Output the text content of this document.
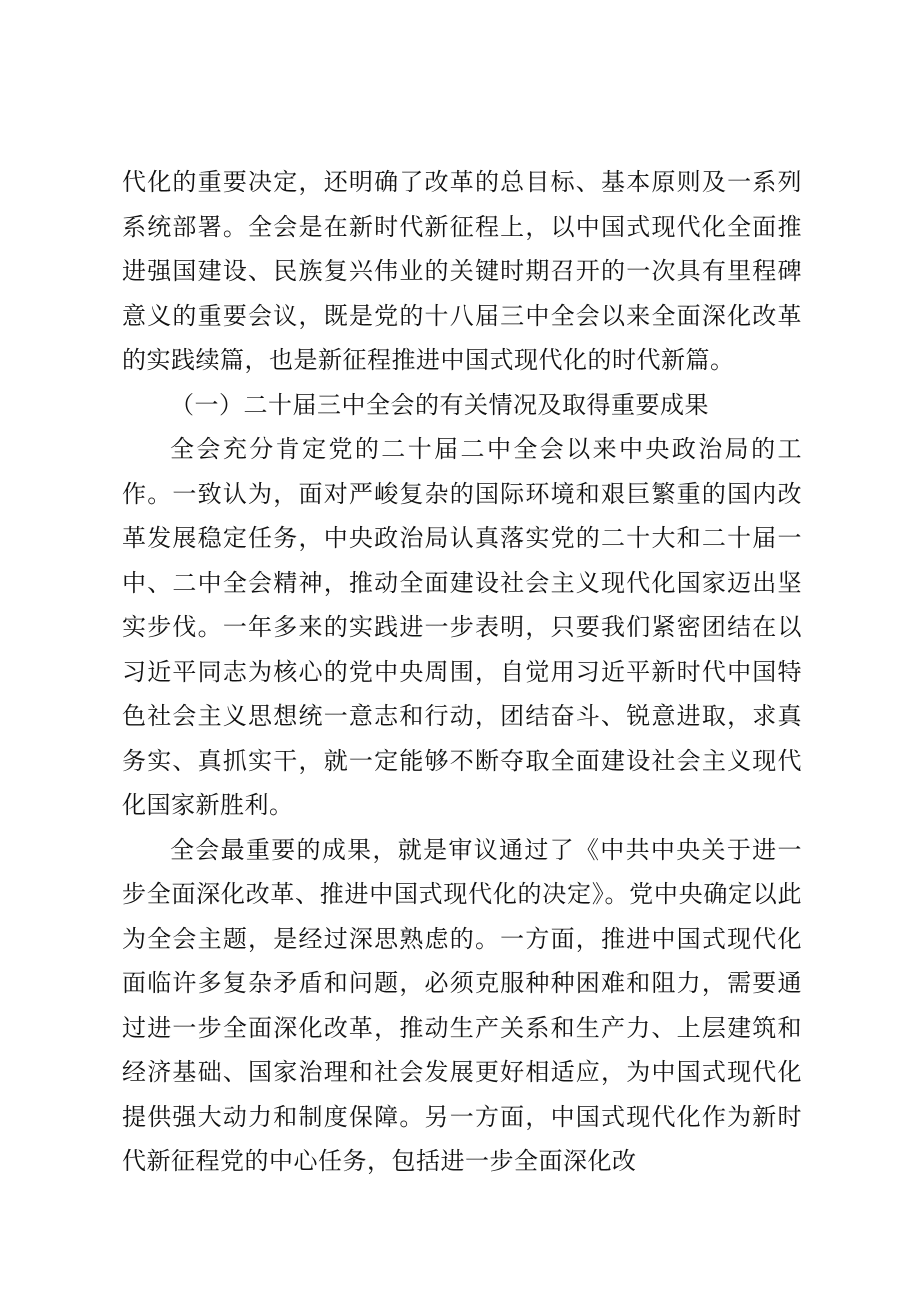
代化的重要决定，还明确了改革的总目标、基本原则及一系列系统部署。全会是在新时代新征程上，以中国式现代化全面推进强国建设、民族复兴伟业的关键时期召开的一次具有里程碑意义的重要会议，既是党的十八届三中全会以来全面深化改革的实践续篇，也是新征程推进中国式现代化的时代新篇。

（一）二十届三中全会的有关情况及取得重要成果

全会充分肯定党的二十届二中全会以来中央政治局的工作。一致认为，面对严峻复杂的国际环境和艰巨繁重的国内改革发展稳定任务，中央政治局认真落实党的二十大和二十届一中、二中全会精神，推动全面建设社会主义现代化国家迈出坚实步伐。一年多来的实践进一步表明，只要我们紧密团结在以习近平同志为核心的党中央周围，自觉用习近平新时代中国特色社会主义思想统一意志和行动，团结奋斗、锐意进取，求真务实、真抓实干，就一定能够不断夺取全面建设社会主义现代化国家新胜利。

全会最重要的成果，就是审议通过了《中共中央关于进一步全面深化改革、推进中国式现代化的决定》。党中央确定以此为全会主题，是经过深思熟虑的。一方面，推进中国式现代化面临许多复杂矛盾和问题，必须克服种种困难和阻力，需要通过进一步全面深化改革，推动生产关系和生产力、上层建筑和经济基础、国家治理和社会发展更好相适应，为中国式现代化提供强大动力和制度保障。另一方面，中国式现代化作为新时代新征程党的中心任务，包括进一步全面深化改
